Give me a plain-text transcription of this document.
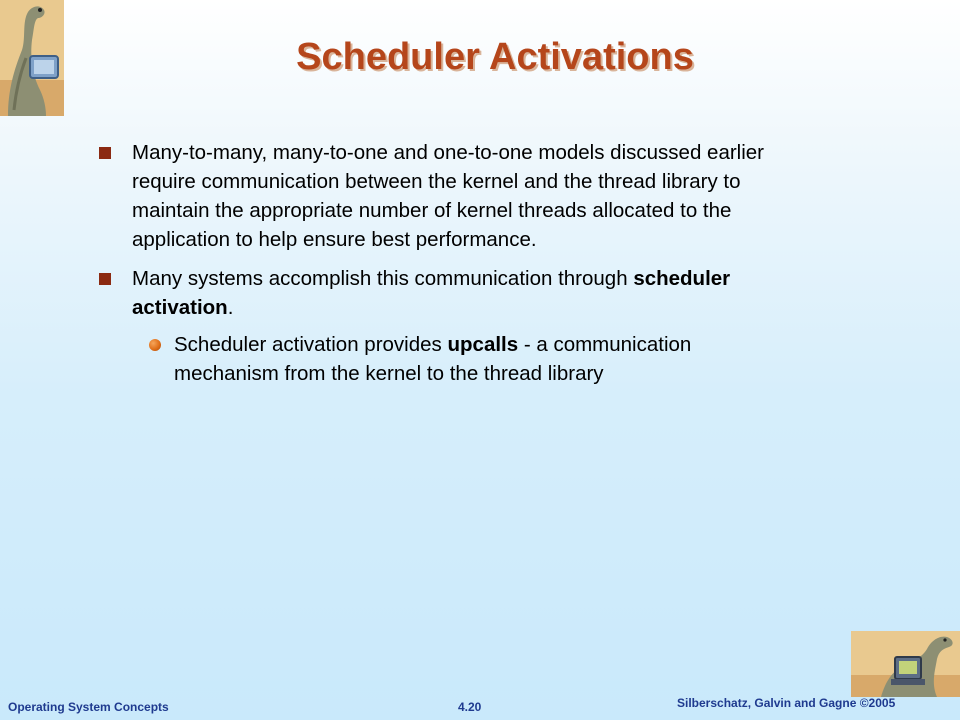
Scheduler Activations
Many-to-many, many-to-one and one-to-one models discussed earlier require communication between the kernel and the thread library to maintain the appropriate number of kernel threads allocated to the application to help ensure best performance.
Many systems accomplish this communication through scheduler activation.
Scheduler activation provides upcalls - a communication mechanism from the kernel to the thread library
Operating System Concepts	4.20	Silberschatz, Galvin and Gagne ©2005
